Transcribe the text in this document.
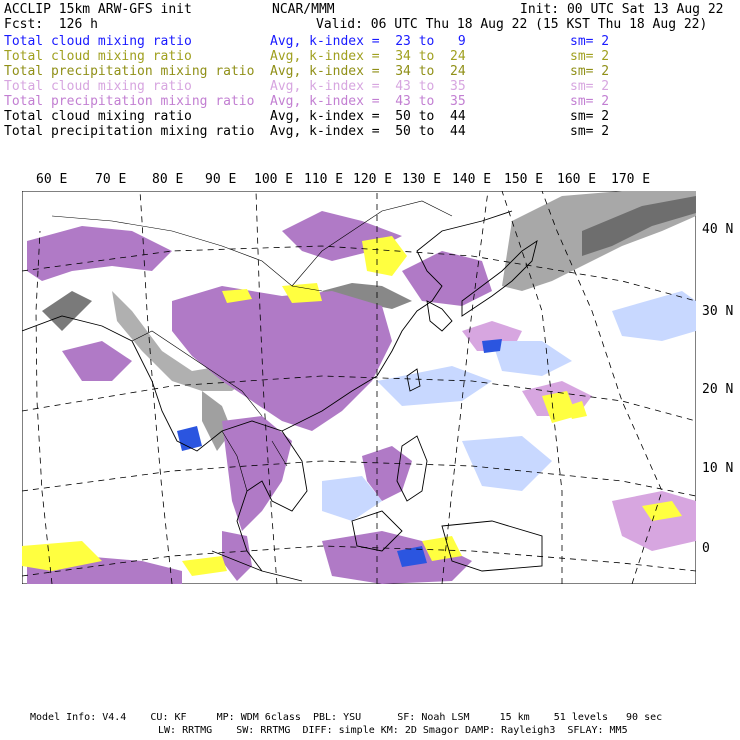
ACCLIP 15km ARW-GFS init	NCAR/MMM	Init: 00 UTC Sat 13 Aug 22
Fcst:  126 h	Valid: 06 UTC Thu 18 Aug 22 (15 KST Thu 18 Aug 22)
Total cloud mixing ratio	Avg, k-index =  23 to   9	sm= 2
Total cloud mixing ratio	Avg, k-index =  34 to  24	sm= 2
Total precipitation mixing ratio Avg, k-index =  34 to  24	sm= 2
Total cloud mixing ratio	Avg, k-index =  43 to  35	sm= 2
Total precipitation mixing ratio Avg, k-index =  43 to  35	sm= 2
Total cloud mixing ratio	Avg, k-index =  50 to  44	sm= 2
Total precipitation mixing ratio Avg, k-index =  50 to  44	sm= 2
60 E 70 E 80 E 90 E 100 E 110 E 120 E 130 E 140 E 150 E 160 E 170 E
40 N
30 N
20 N
10 N
0
Model Info: V4.4    CU: KF     MP: WDM 6class  PBL: YSU      SF: Noah LSM     15 km    51 levels   90 sec
LW: RRTMG    SW: RRTMG  DIFF: simple KM: 2D Smagor DAMP: Rayleigh3  SFLAY: MM5
